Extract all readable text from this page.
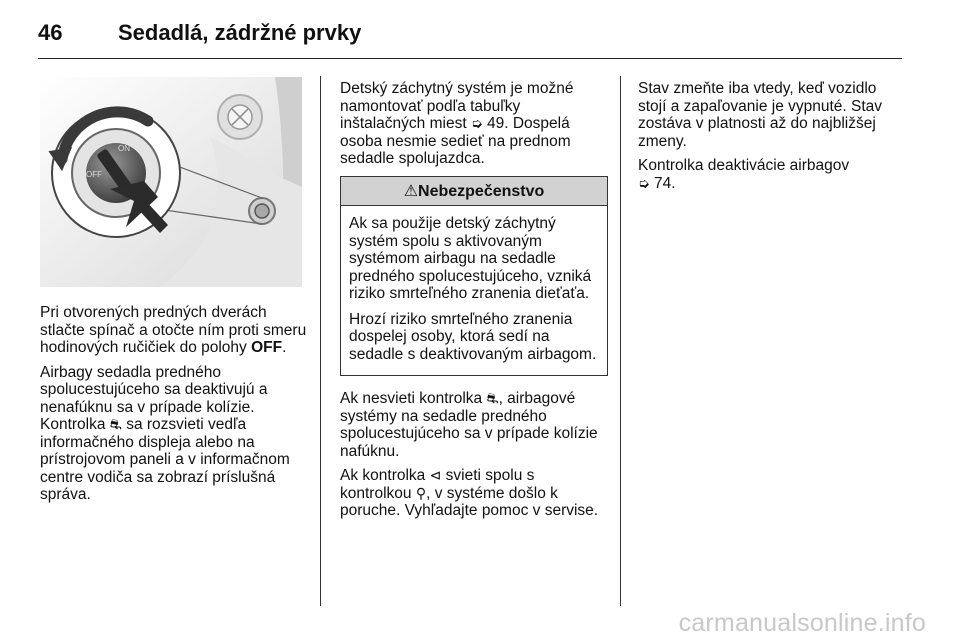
46	Sedadlá, zádržné prvky
ON
OFF

Pri otvorených predných dverách stlačte spínač a otočte ním proti smeru hodinových ručičiek do polohy OFF.

Airbagy sedadla predného spolucestujúceho sa deaktivujú a nenafúknu sa v prípade kolízie. Kontrolka ⛐ sa rozsvieti vedľa informačného displeja alebo na prístrojovom paneli a v informačnom centre vodiča sa zobrazí príslušná správa.

Detský záchytný systém je možné namontovať podľa tabuľky inštalačných miest ➭ 49. Dospelá osoba nesmie sedieť na prednom sedadle spolujazdca.

⚠Nebezpečenstvo

Ak sa použije detský záchytný systém spolu s aktivovaným systémom airbagu na sedadle predného spolucestujúceho, vzniká riziko smrteľného zranenia dieťaťa.

Hrozí riziko smrteľného zranenia dospelej osoby, ktorá sedí na sedadle s deaktivovaným airbagom.

Ak nesvieti kontrolka ⛐, airbagové systémy na sedadle predného spolucestujúceho sa v prípade kolízie nafúknu.

Ak kontrolka ⊲ svieti spolu s kontrolkou ⚲, v systéme došlo k poruche. Vyhľadajte pomoc v servise.

Stav zmeňte iba vtedy, keď vozidlo stojí a zapaľovanie je vypnuté. Stav zostáva v platnosti až do najbližšej zmeny.

Kontrolka deaktivácie airbagov
➭ 74.

carmanualsonline.info
